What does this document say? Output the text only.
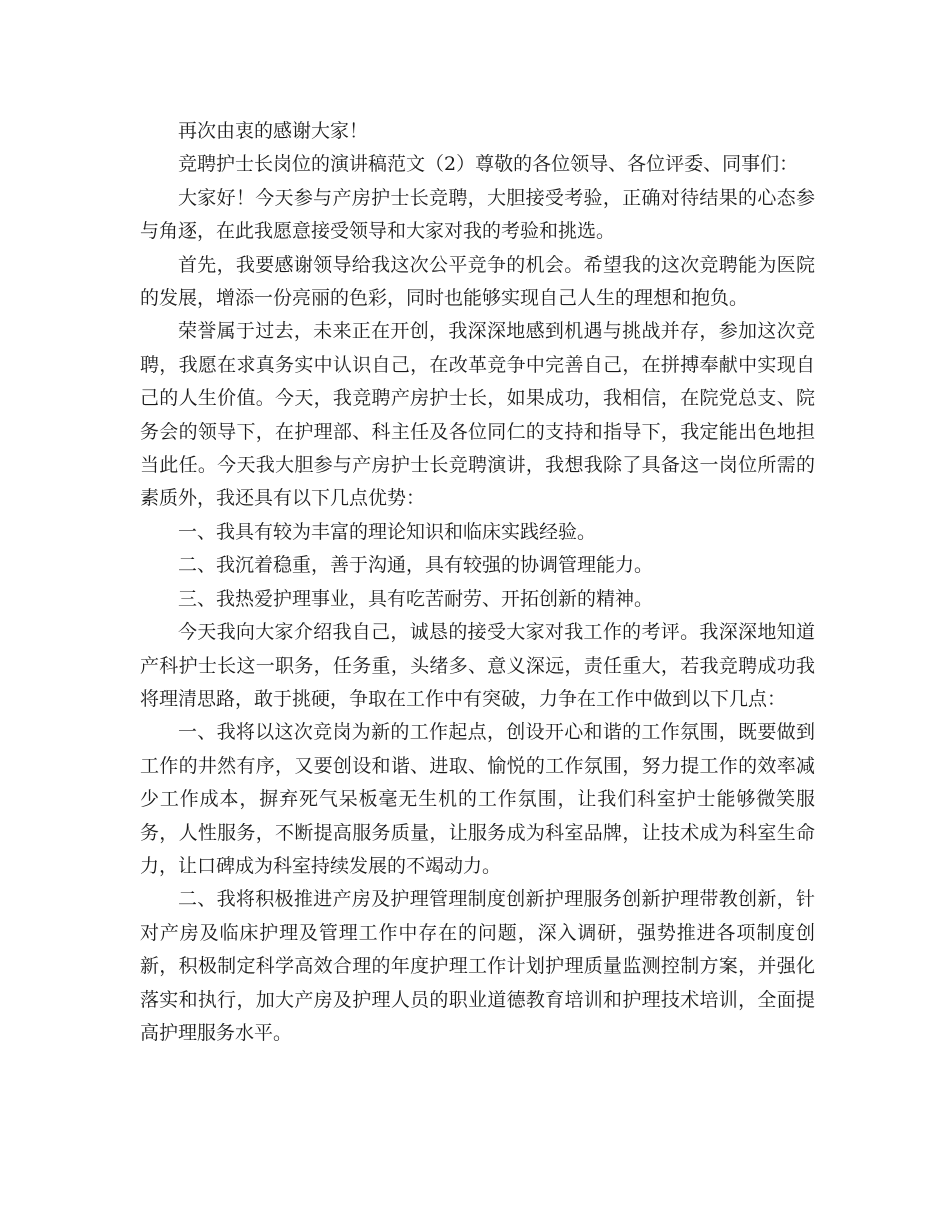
再次由衷的感谢大家！

竞聘护士长岗位的演讲稿范文（2）尊敬的各位领导、各位评委、同事们：

大家好！今天参与产房护士长竞聘，大胆接受考验，正确对待结果的心态参与角逐，在此我愿意接受领导和大家对我的考验和挑选。

首先，我要感谢领导给我这次公平竞争的机会。希望我的这次竞聘能为医院的发展，增添一份亮丽的色彩，同时也能够实现自己人生的理想和抱负。

荣誉属于过去，未来正在开创，我深深地感到机遇与挑战并存，参加这次竞聘，我愿在求真务实中认识自己，在改革竞争中完善自己，在拼搏奉献中实现自己的人生价值。今天，我竞聘产房护士长，如果成功，我相信，在院党总支、院务会的领导下，在护理部、科主任及各位同仁的支持和指导下，我定能出色地担当此任。今天我大胆参与产房护士长竞聘演讲，我想我除了具备这一岗位所需的素质外，我还具有以下几点优势：

一、我具有较为丰富的理论知识和临床实践经验。

二、我沉着稳重，善于沟通，具有较强的协调管理能力。

三、我热爱护理事业，具有吃苦耐劳、开拓创新的精神。

今天我向大家介绍我自己，诚恳的接受大家对我工作的考评。我深深地知道产科护士长这一职务，任务重，头绪多、意义深远，责任重大，若我竞聘成功我将理清思路，敢于挑硬，争取在工作中有突破，力争在工作中做到以下几点：

一、我将以这次竞岗为新的工作起点，创设开心和谐的工作氛围，既要做到工作的井然有序，又要创设和谐、进取、愉悦的工作氛围，努力提工作的效率减少工作成本，摒弃死气呆板毫无生机的工作氛围，让我们科室护士能够微笑服务，人性服务，不断提高服务质量，让服务成为科室品牌，让技术成为科室生命力，让口碑成为科室持续发展的不竭动力。

二、我将积极推进产房及护理管理制度创新护理服务创新护理带教创新，针对产房及临床护理及管理工作中存在的问题，深入调研，强势推进各项制度创新，积极制定科学高效合理的年度护理工作计划护理质量监测控制方案，并强化落实和执行，加大产房及护理人员的职业道德教育培训和护理技术培训，全面提高护理服务水平。
